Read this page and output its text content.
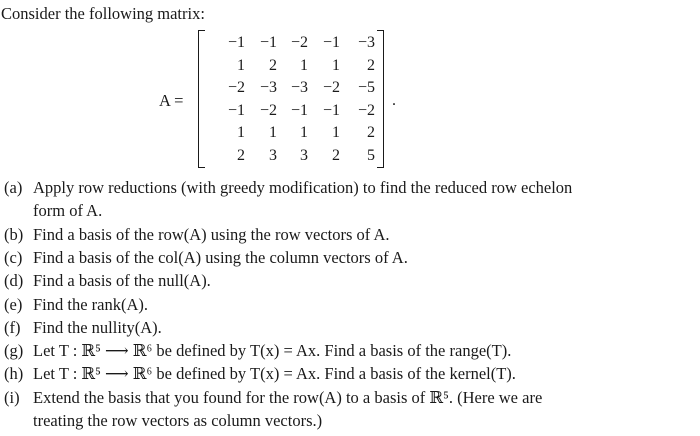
Consider the following matrix:
A =
−1 −1 −2 −1	−3
1	2	1	1	2
−2 −3 −3 −2	−5
−1 −2 −1 −1	−2
1	1	1	1	2
2	3	3	2	5
.
(a) Apply row reductions (with greedy modification) to find the reduced row echelon
form of A.
(b) Find a basis of the row(A) using the row vectors of A.
(c) Find a basis of the col(A) using the column vectors of A.
(d) Find a basis of the null(A).
(e) Find the rank(A).
(f) Find the nullity(A).
(g) Let T : ℝ⁵ ⟶ ℝ⁶ be defined by T(x) = Ax. Find a basis of the range(T).
(h) Let T : ℝ⁵ ⟶ ℝ⁶ be defined by T(x) = Ax. Find a basis of the kernel(T).
(i) Extend the basis that you found for the row(A) to a basis of ℝ⁵. (Here we are
treating the row vectors as column vectors.)
